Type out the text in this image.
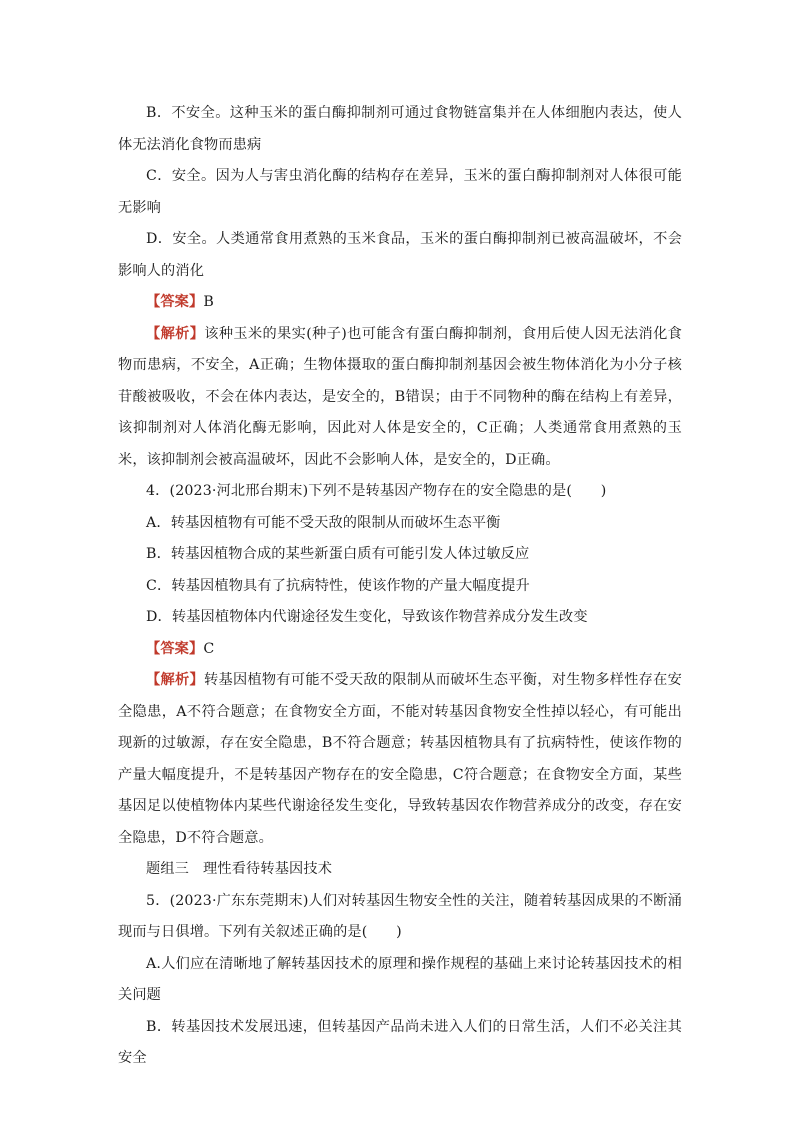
B．不安全。这种玉米的蛋白酶抑制剂可通过食物链富集并在人体细胞内表达，使人体无法消化食物而患病

C．安全。因为人与害虫消化酶的结构存在差异，玉米的蛋白酶抑制剂对人体很可能无影响

D．安全。人类通常食用煮熟的玉米食品，玉米的蛋白酶抑制剂已被高温破坏，不会影响人的消化

【答案】B

【解析】该种玉米的果实(种子)也可能含有蛋白酶抑制剂，食用后使人因无法消化食物而患病，不安全，A正确；生物体摄取的蛋白酶抑制剂基因会被生物体消化为小分子核苷酸被吸收，不会在体内表达，是安全的，B错误；由于不同物种的酶在结构上有差异，该抑制剂对人体消化酶无影响，因此对人体是安全的，C正确；人类通常食用煮熟的玉米，该抑制剂会被高温破坏，因此不会影响人体，是安全的，D正确。

4．(2023·河北邢台期末)下列不是转基因产物存在的安全隐患的是(　　)

A．转基因植物有可能不受天敌的限制从而破坏生态平衡

B．转基因植物合成的某些新蛋白质有可能引发人体过敏反应

C．转基因植物具有了抗病特性，使该作物的产量大幅度提升

D．转基因植物体内代谢途径发生变化，导致该作物营养成分发生改变

【答案】C

【解析】转基因植物有可能不受天敌的限制从而破坏生态平衡，对生物多样性存在安全隐患，A不符合题意；在食物安全方面，不能对转基因食物安全性掉以轻心，有可能出现新的过敏源，存在安全隐患，B不符合题意；转基因植物具有了抗病特性，使该作物的产量大幅度提升，不是转基因产物存在的安全隐患，C符合题意；在食物安全方面，某些基因足以使植物体内某些代谢途径发生变化，导致转基因农作物营养成分的改变，存在安全隐患，D不符合题意。

题组三 理性看待转基因技术

5．(2023·广东东莞期末)人们对转基因生物安全性的关注，随着转基因成果的不断涌现而与日俱增。下列有关叙述正确的是(　　)

A.人们应在清晰地了解转基因技术的原理和操作规程的基础上来讨论转基因技术的相关问题

B．转基因技术发展迅速，但转基因产品尚未进入人们的日常生活，人们不必关注其安全
